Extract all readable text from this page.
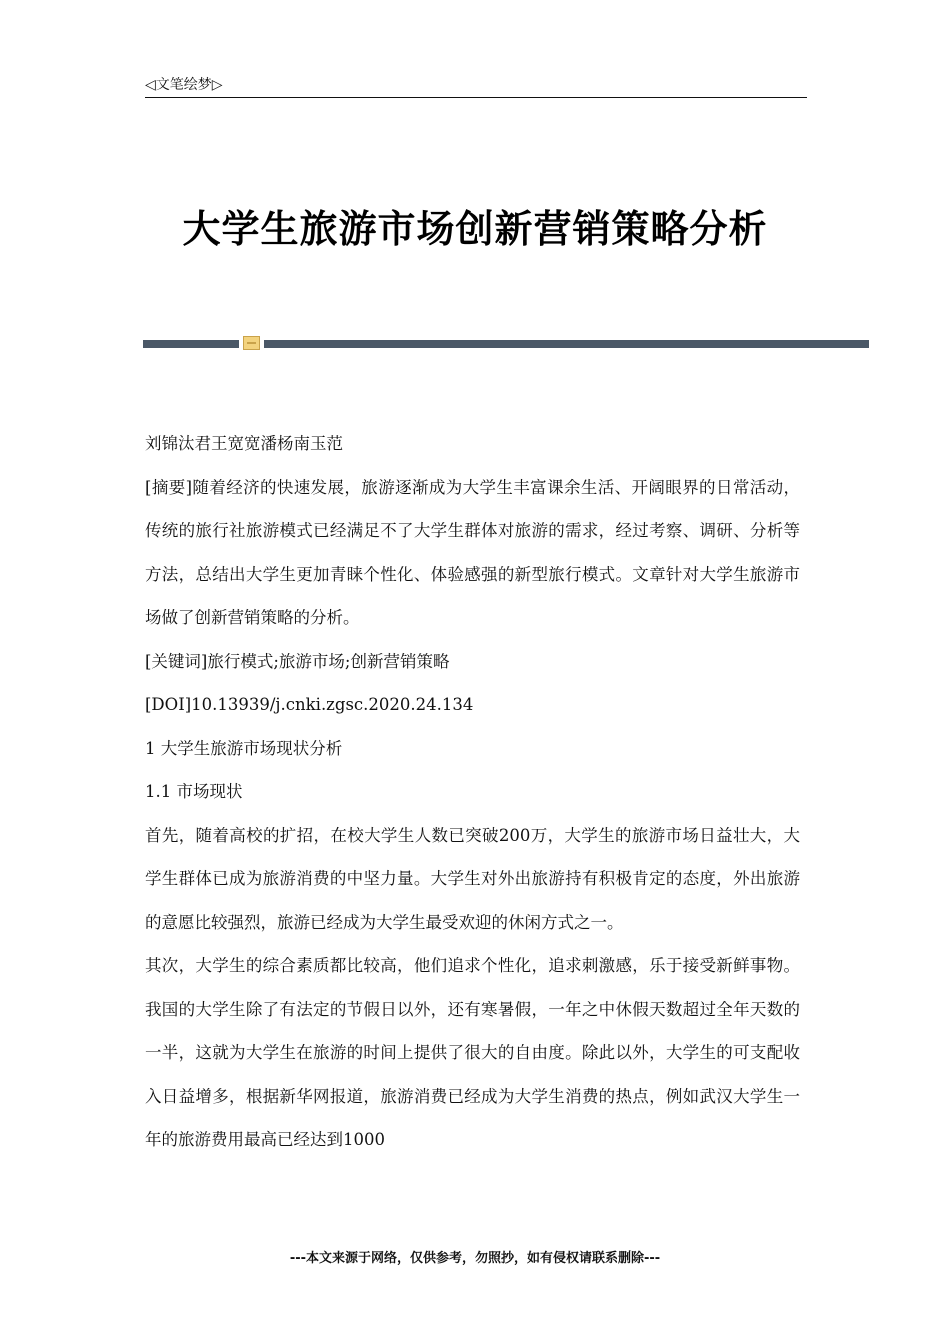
◁文笔绘梦▷
大学生旅游市场创新营销策略分析

刘锦汰君王宽宽潘杨南玉范

[摘要]随着经济的快速发展，旅游逐渐成为大学生丰富课余生活、开阔眼界的日常活动，传统的旅行社旅游模式已经满足不了大学生群体对旅游的需求，经过考察、调研、分析等方法，总结出大学生更加青睐个性化、体验感强的新型旅行模式。文章针对大学生旅游市场做了创新营销策略的分析。

[关键词]旅行模式;旅游市场;创新营销策略

[DOI]10.13939/j.cnki.zgsc.2020.24.134

1 大学生旅游市场现状分析

1.1 市场现状

首先，随着高校的扩招，在校大学生人数已突破200万，大学生的旅游市场日益壮大，大学生群体已成为旅游消费的中坚力量。大学生对外出旅游持有积极肯定的态度，外出旅游的意愿比较强烈，旅游已经成为大学生最受欢迎的休闲方式之一。

其次，大学生的综合素质都比较高，他们追求个性化，追求刺激感，乐于接受新鲜事物。我国的大学生除了有法定的节假日以外，还有寒暑假，一年之中休假天数超过全年天数的一半，这就为大学生在旅游的时间上提供了很大的自由度。除此以外，大学生的可支配收入日益增多，根据新华网报道，旅游消费已经成为大学生消费的热点，例如武汉大学生一年的旅游费用最高已经达到1000

---本文来源于网络，仅供参考，勿照抄，如有侵权请联系删除---
